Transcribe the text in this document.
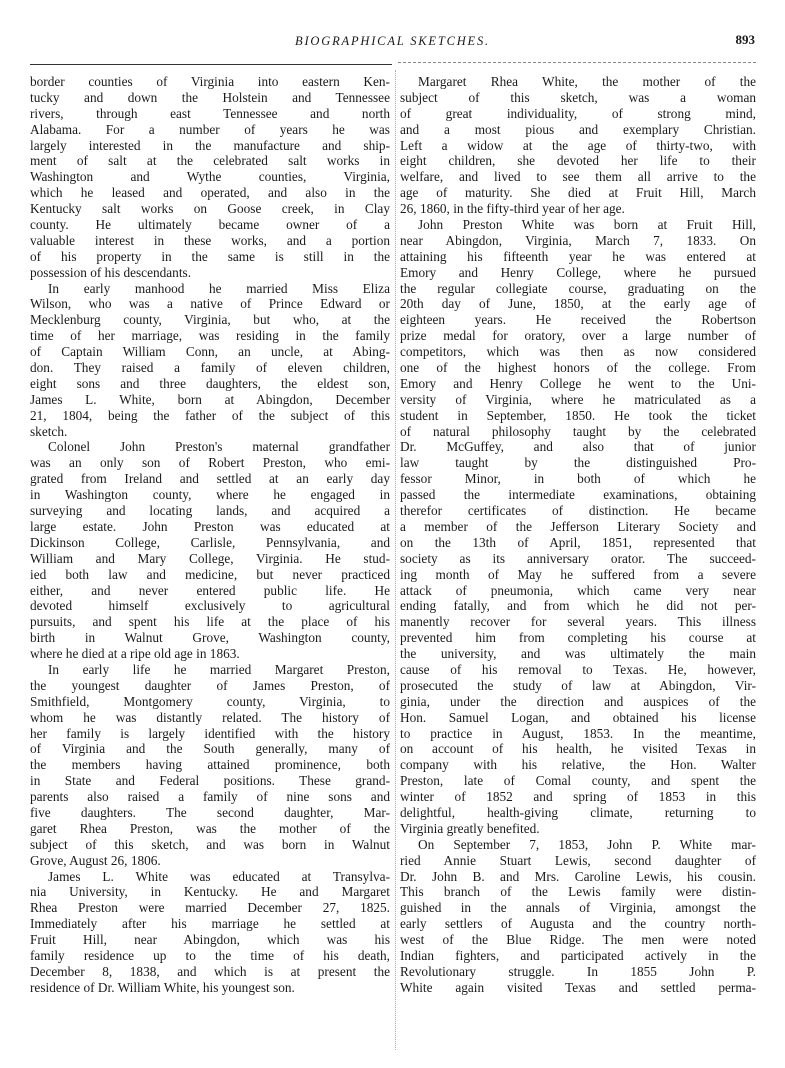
BIOGRAPHICAL SKETCHES.	893
border counties of Virginia into eastern Ken-
tucky and down the Holstein and Tennessee
rivers, through east Tennessee and north
Alabama. For a number of years he was
largely interested in the manufacture and ship-
ment of salt at the celebrated salt works in
Washington and Wythe counties, Virginia,
which he leased and operated, and also in the
Kentucky salt works on Goose creek, in Clay
county. He ultimately became owner of a
valuable interest in these works, and a portion
of his property in the same is still in the
possession of his descendants.
In early manhood he married Miss Eliza
Wilson, who was a native of Prince Edward or
Mecklenburg county, Virginia, but who, at the
time of her marriage, was residing in the family
of Captain William Conn, an uncle, at Abing-
don. They raised a family of eleven children,
eight sons and three daughters, the eldest son,
James L. White, born at Abingdon, December
21, 1804, being the father of the subject of this
sketch.
Colonel John Preston's maternal grandfather
was an only son of Robert Preston, who emi-
grated from Ireland and settled at an early day
in Washington county, where he engaged in
surveying and locating lands, and acquired a
large estate. John Preston was educated at
Dickinson College, Carlisle, Pennsylvania, and
William and Mary College, Virginia. He stud-
ied both law and medicine, but never practiced
either, and never entered public life. He
devoted himself exclusively to agricultural
pursuits, and spent his life at the place of his
birth in Walnut Grove, Washington county,
where he died at a ripe old age in 1863.
In early life he married Margaret Preston,
the youngest daughter of James Preston, of
Smithfield, Montgomery county, Virginia, to
whom he was distantly related. The history of
her family is largely identified with the history
of Virginia and the South generally, many of
the members having attained prominence, both
in State and Federal positions. These grand-
parents also raised a family of nine sons and
five daughters. The second daughter, Mar-
garet Rhea Preston, was the mother of the
subject of this sketch, and was born in Walnut
Grove, August 26, 1806.
James L. White was educated at Transylva-
nia University, in Kentucky. He and Margaret
Rhea Preston were married December 27, 1825.
Immediately after his marriage he settled at
Fruit Hill, near Abingdon, which was his
family residence up to the time of his death,
December 8, 1838, and which is at present the
residence of Dr. William White, his youngest son.
Margaret Rhea White, the mother of the
subject of this sketch, was a woman
of great individuality, of strong mind,
and a most pious and exemplary Christian.
Left a widow at the age of thirty-two, with
eight children, she devoted her life to their
welfare, and lived to see them all arrive to the
age of maturity. She died at Fruit Hill, March
26, 1860, in the fifty-third year of her age.
John Preston White was born at Fruit Hill,
near Abingdon, Virginia, March 7, 1833. On
attaining his fifteenth year he was entered at
Emory and Henry College, where he pursued
the regular collegiate course, graduating on the
20th day of June, 1850, at the early age of
eighteen years. He received the Robertson
prize medal for oratory, over a large number of
competitors, which was then as now considered
one of the highest honors of the college. From
Emory and Henry College he went to the Uni-
versity of Virginia, where he matriculated as a
student in September, 1850. He took the ticket
of natural philosophy taught by the celebrated
Dr. McGuffey, and also that of junior
law taught by the distinguished Pro-
fessor Minor, in both of which he
passed the intermediate examinations, obtaining
therefor certificates of distinction. He became
a member of the Jefferson Literary Society and
on the 13th of April, 1851, represented that
society as its anniversary orator. The succeed-
ing month of May he suffered from a severe
attack of pneumonia, which came very near
ending fatally, and from which he did not per-
manently recover for several years. This illness
prevented him from completing his course at
the university, and was ultimately the main
cause of his removal to Texas. He, however,
prosecuted the study of law at Abingdon, Vir-
ginia, under the direction and auspices of the
Hon. Samuel Logan, and obtained his license
to practice in August, 1853. In the meantime,
on account of his health, he visited Texas in
company with his relative, the Hon. Walter
Preston, late of Comal county, and spent the
winter of 1852 and spring of 1853 in this
delightful, health-giving climate, returning to
Virginia greatly benefited.
On September 7, 1853, John P. White mar-
ried Annie Stuart Lewis, second daughter of
Dr. John B. and Mrs. Caroline Lewis, his cousin.
This branch of the Lewis family were distin-
guished in the annals of Virginia, amongst the
early settlers of Augusta and the country north-
west of the Blue Ridge. The men were noted
Indian fighters, and participated actively in the
Revolutionary struggle. In 1855 John P.
White again visited Texas and settled perma-
